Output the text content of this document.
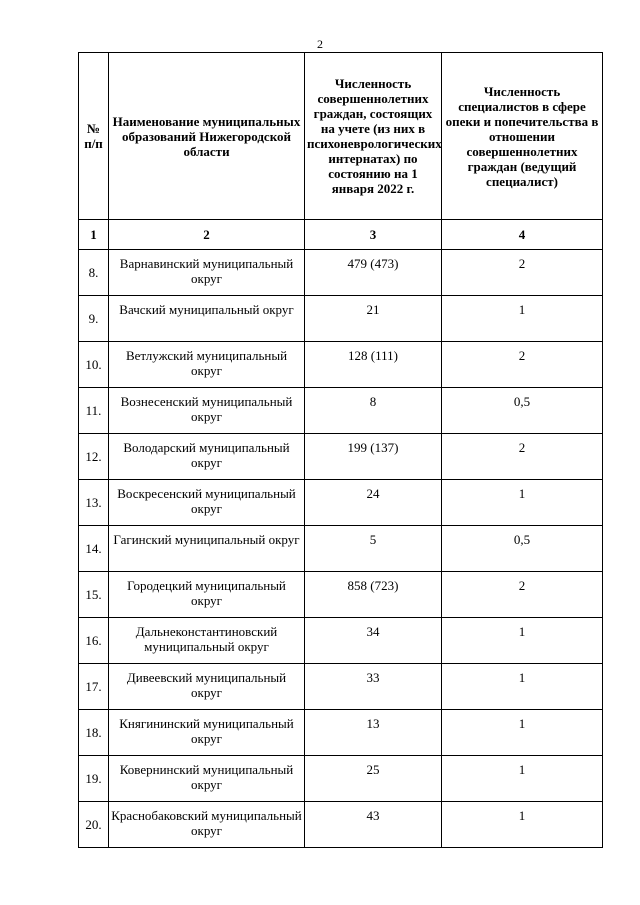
2
№ п/п	Наименование муниципальных образований Нижегородской области	Численность совершеннолетних граждан, состоящих на учете (из них в психоневрологических интернатах) по состоянию на 1 января 2022 г.	Численность специалистов в сфере опеки и попечительства в отношении совершеннолетних граждан (ведущий специалист)
1	2	3	4
8.	Варнавинский муниципальный округ	479 (473)	2
9.	Вачский муниципальный округ	21	1
10.	Ветлужский муниципальный округ	128 (111)	2
11.	Вознесенский муниципальный округ	8	0,5
12.	Володарский муниципальный округ	199 (137)	2
13.	Воскресенский муниципальный округ	24	1
14.	Гагинский муниципальный округ	5	0,5
15.	Городецкий муниципальный округ	858 (723)	2
16.	Дальнеконстантиновский муниципальный округ	34	1
17.	Дивеевский муниципальный округ	33	1
18.	Княгининский муниципальный округ	13	1
19.	Ковернинский муниципальный округ	25	1
20.	Краснобаковский муниципальный округ	43	1
